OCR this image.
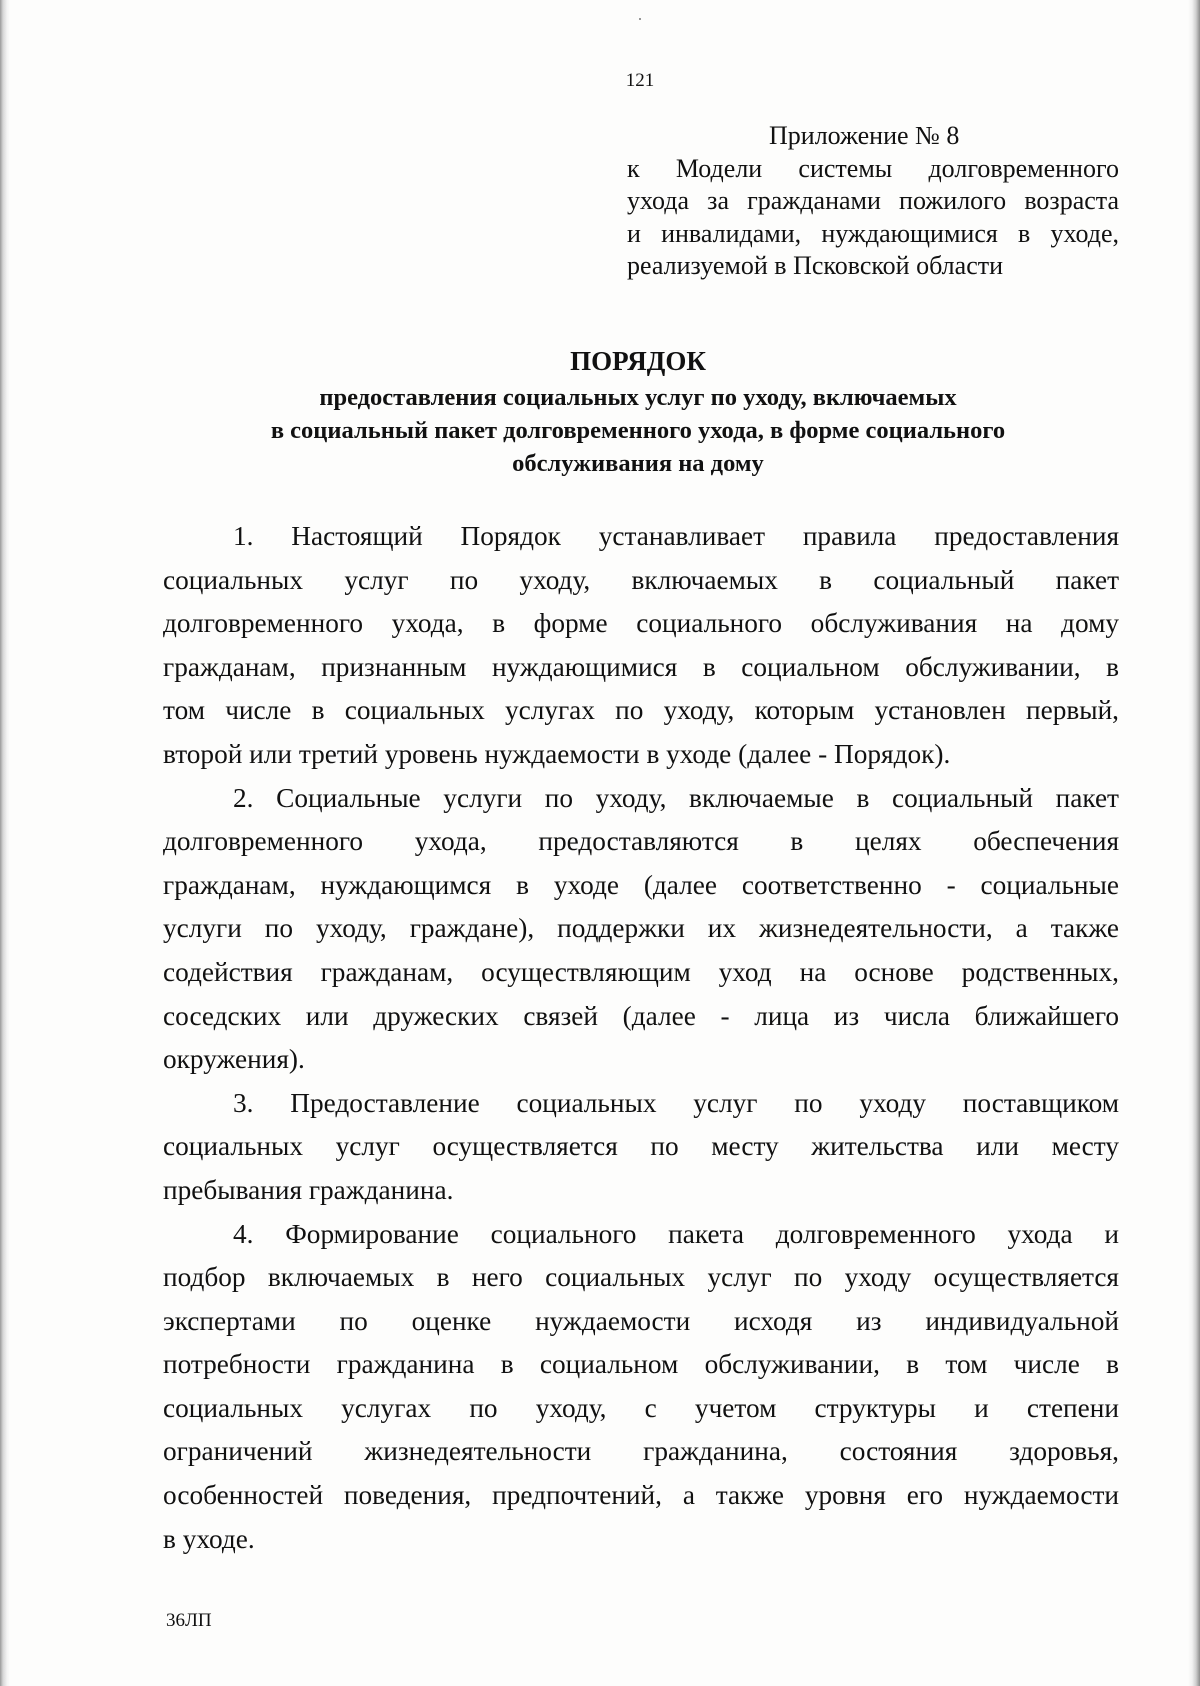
121
Приложение № 8
к Модели системы долговременного
ухода за гражданами пожилого возраста
и инвалидами, нуждающимися в уходе,
реализуемой в Псковской области
ПОРЯДОК
предоставления социальных услуг по уходу, включаемых
в социальный пакет долговременного ухода, в форме социального
обслуживания на дому
1. Настоящий Порядок устанавливает правила предоставления
социальных услуг по уходу, включаемых в социальный пакет
долговременного ухода, в форме социального обслуживания на дому
гражданам, признанным нуждающимися в социальном обслуживании, в
том числе в социальных услугах по уходу, которым установлен первый,
второй или третий уровень нуждаемости в уходе (далее - Порядок).
2. Социальные услуги по уходу, включаемые в социальный пакет
долговременного ухода, предоставляются в целях обеспечения
гражданам, нуждающимся в уходе (далее соответственно - социальные
услуги по уходу, граждане), поддержки их жизнедеятельности, а также
содействия гражданам, осуществляющим уход на основе родственных,
соседских или дружеских связей (далее - лица из числа ближайшего
окружения).
3. Предоставление социальных услуг по уходу поставщиком
социальных услуг осуществляется по месту жительства или месту
пребывания гражданина.
4. Формирование социального пакета долговременного ухода и
подбор включаемых в него социальных услуг по уходу осуществляется
экспертами по оценке нуждаемости исходя из индивидуальной
потребности гражданина в социальном обслуживании, в том числе в
социальных услугах по уходу, с учетом структуры и степени
ограничений жизнедеятельности гражданина, состояния здоровья,
особенностей поведения, предпочтений, а также уровня его нуждаемости
в уходе.
36ЛП
